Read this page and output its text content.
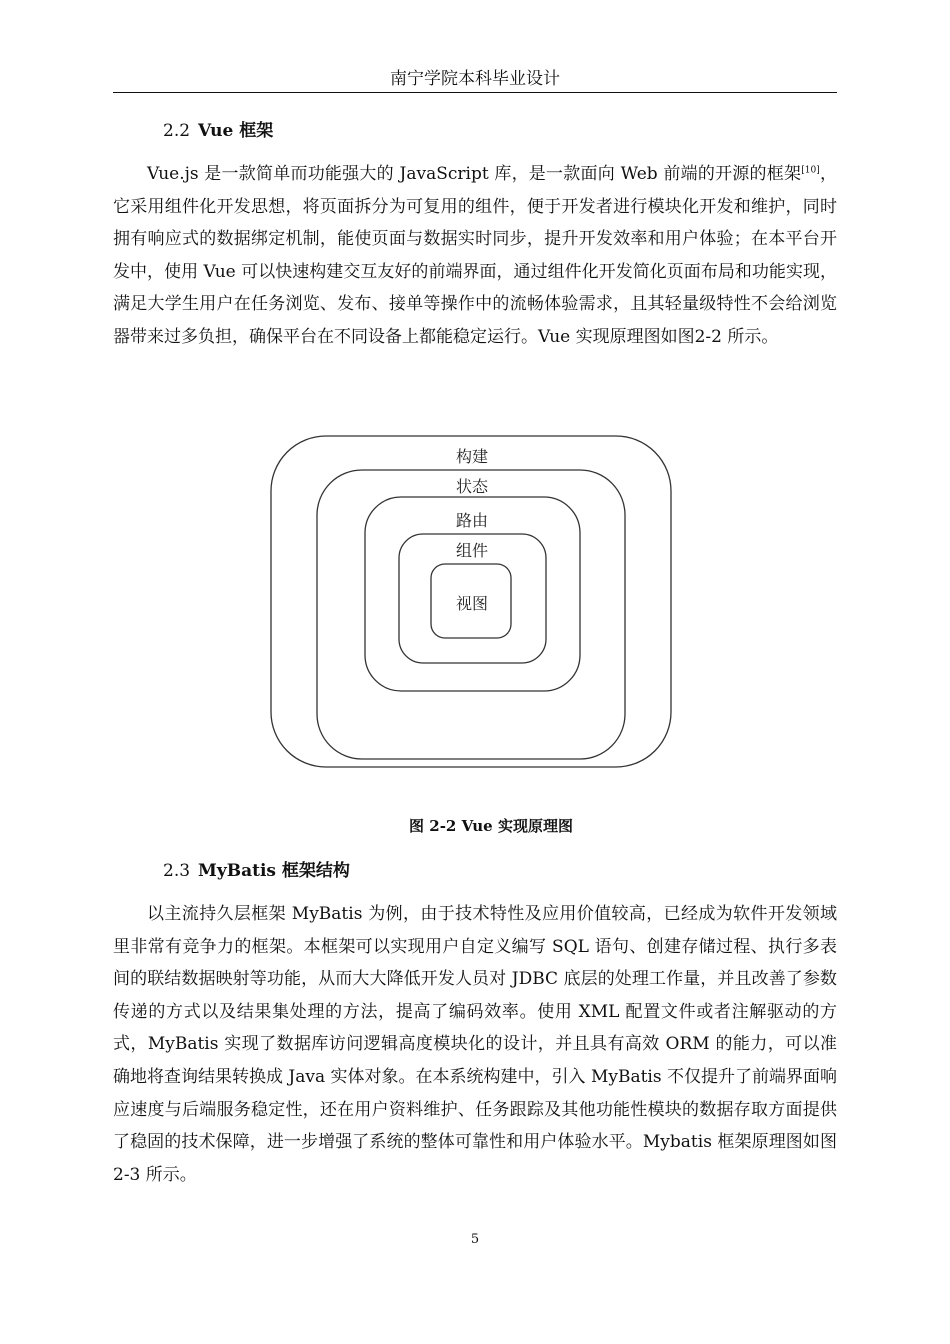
南宁学院本科毕业设计
2.2 Vue 框架

Vue.js 是一款简单而功能强大的 JavaScript 库，是一款面向 Web 前端的开源的框架[10]，它采用组件化开发思想，将页面拆分为可复用的组件，便于开发者进行模块化开发和维护，同时拥有响应式的数据绑定机制，能使页面与数据实时同步，提升开发效率和用户体验；在本平台开发中，使用 Vue 可以快速构建交互友好的前端界面，通过组件化开发简化页面布局和功能实现，满足大学生用户在任务浏览、发布、接单等操作中的流畅体验需求，且其轻量级特性不会给浏览器带来过多负担，确保平台在不同设备上都能稳定运行。Vue 实现原理图如图2-2 所示。

构建
状态
路由
组件
视图
图 2-2 Vue 实现原理图
2.3 MyBatis 框架结构

以主流持久层框架 MyBatis 为例，由于技术特性及应用价值较高，已经成为软件开发领域里非常有竞争力的框架。本框架可以实现用户自定义编写 SQL 语句、创建存储过程、执行多表间的联结数据映射等功能，从而大大降低开发人员对 JDBC 底层的处理工作量，并且改善了参数传递的方式以及结果集处理的方法，提高了编码效率。使用 XML 配置文件或者注解驱动的方式，MyBatis 实现了数据库访问逻辑高度模块化的设计，并且具有高效 ORM 的能力，可以准确地将查询结果转换成 Java 实体对象。在本系统构建中，引入 MyBatis 不仅提升了前端界面响应速度与后端服务稳定性，还在用户资料维护、任务跟踪及其他功能性模块的数据存取方面提供了稳固的技术保障，进一步增强了系统的整体可靠性和用户体验水平。Mybatis 框架原理图如图2-3 所示。

5
